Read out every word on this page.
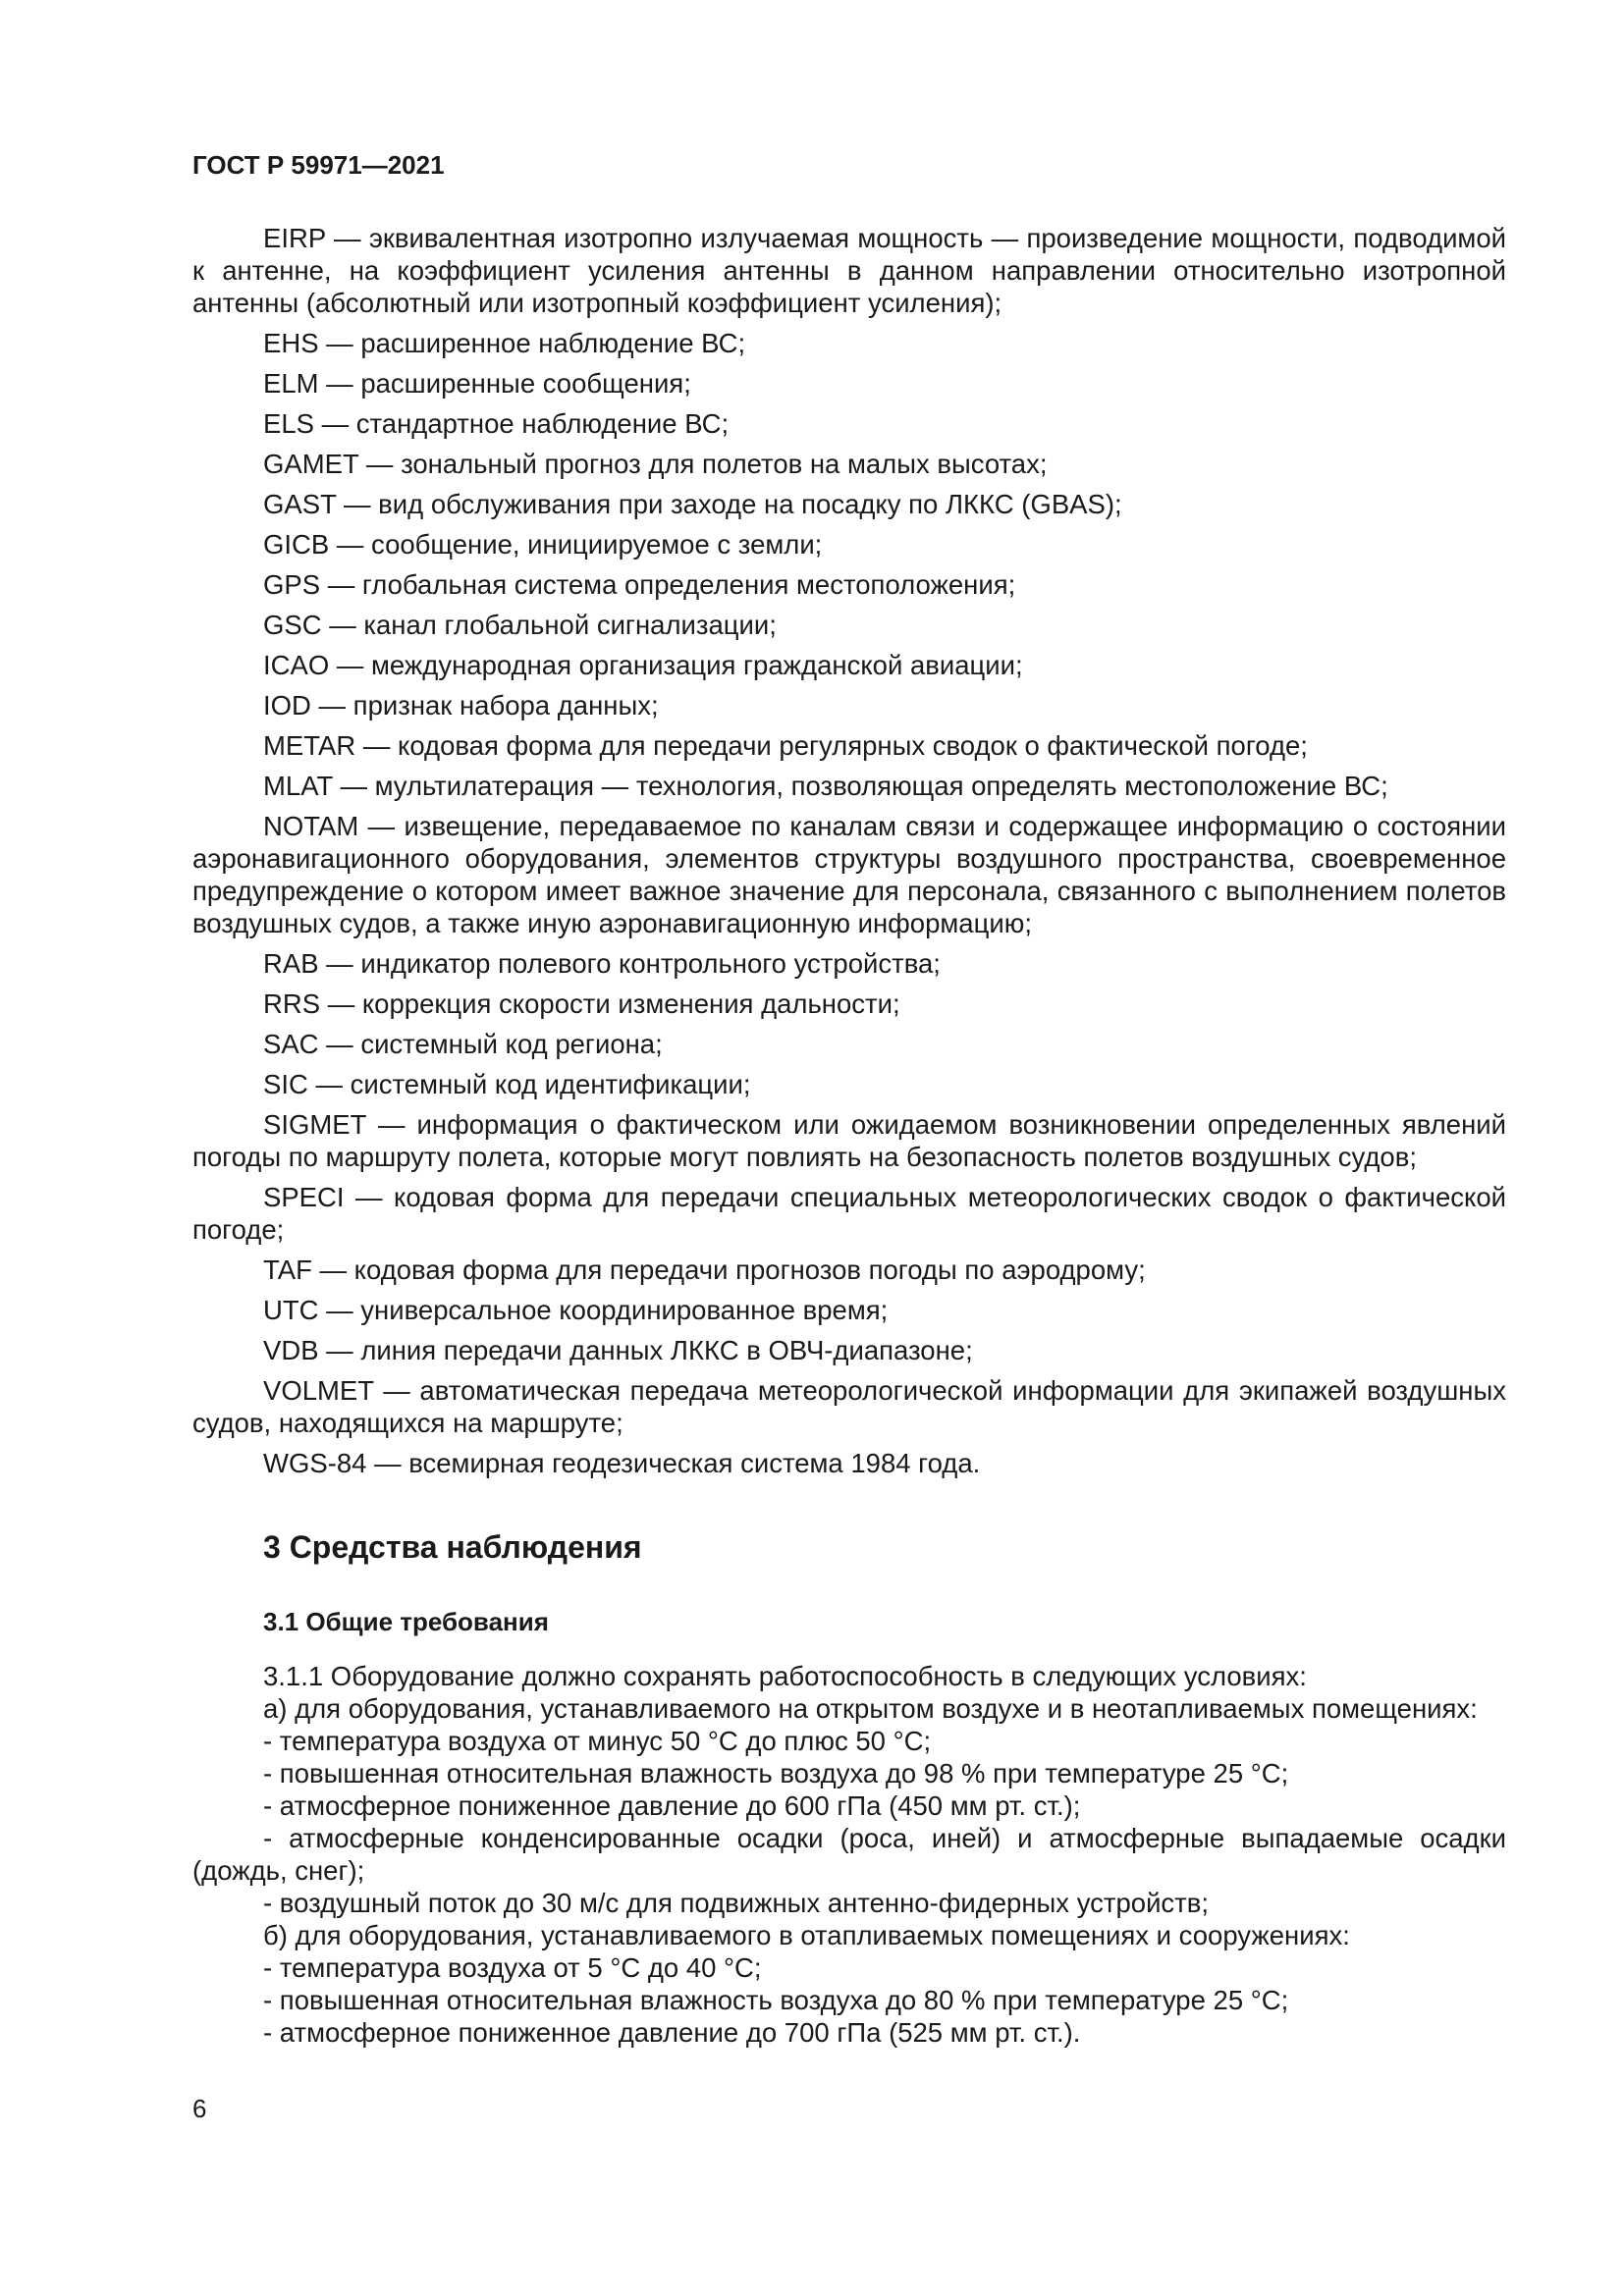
ГОСТ Р 59971—2021

EIRP — эквивалентная изотропно излучаемая мощность — произведение мощности, подводимой к антенне, на коэффициент усиления антенны в данном направлении относительно изотропной антенны (абсолютный или изотропный коэффициент усиления);

EHS — расширенное наблюдение ВС;

ELM — расширенные сообщения;

ELS — стандартное наблюдение ВС;

GAMET — зональный прогноз для полетов на малых высотах;

GAST — вид обслуживания при заходе на посадку по ЛККС (GBAS);

GICB — сообщение, инициируемое с земли;

GPS — глобальная система определения местоположения;

GSC — канал глобальной сигнализации;

ICAO — международная организация гражданской авиации;

IOD — признак набора данных;

METAR — кодовая форма для передачи регулярных сводок о фактической погоде;

MLAT — мультилатерация — технология, позволяющая определять местоположение ВС;

NOTAM — извещение, передаваемое по каналам связи и содержащее информацию о состоянии аэронавигационного оборудования, элементов структуры воздушного пространства, своевременное предупреждение о котором имеет важное значение для персонала, связанного с выполнением полетов воздушных судов, а также иную аэронавигационную информацию;

RAB — индикатор полевого контрольного устройства;

RRS — коррекция скорости изменения дальности;

SAC — системный код региона;

SIC — системный код идентификации;

SIGMET — информация о фактическом или ожидаемом возникновении определенных явлений погоды по маршруту полета, которые могут повлиять на безопасность полетов воздушных судов;

SPECI — кодовая форма для передачи специальных метеорологических сводок о фактической погоде;

TAF — кодовая форма для передачи прогнозов погоды по аэродрому;

UTC — универсальное координированное время;

VDB — линия передачи данных ЛККС в ОВЧ-диапазоне;

VOLMET — автоматическая передача метеорологической информации для экипажей воздушных судов, находящихся на маршруте;

WGS-84 — всемирная геодезическая система 1984 года.

3 Средства наблюдения
3.1 Общие требования

3.1.1 Оборудование должно сохранять работоспособность в следующих условиях:

а) для оборудования, устанавливаемого на открытом воздухе и в неотапливаемых помещениях:

- температура воздуха от минус 50 °С до плюс 50 °С;

- повышенная относительная влажность воздуха до 98 % при температуре 25 °С;

- атмосферное пониженное давление до 600 гПа (450 мм рт. ст.);

- атмосферные конденсированные осадки (роса, иней) и атмосферные выпадаемые осадки (дождь, снег);

- воздушный поток до 30 м/с для подвижных антенно-фидерных устройств;

б) для оборудования, устанавливаемого в отапливаемых помещениях и сооружениях:

- температура воздуха от 5 °С до 40 °С;

- повышенная относительная влажность воздуха до 80 % при температуре 25 °С;

- атмосферное пониженное давление до 700 гПа (525 мм рт. ст.).

6
